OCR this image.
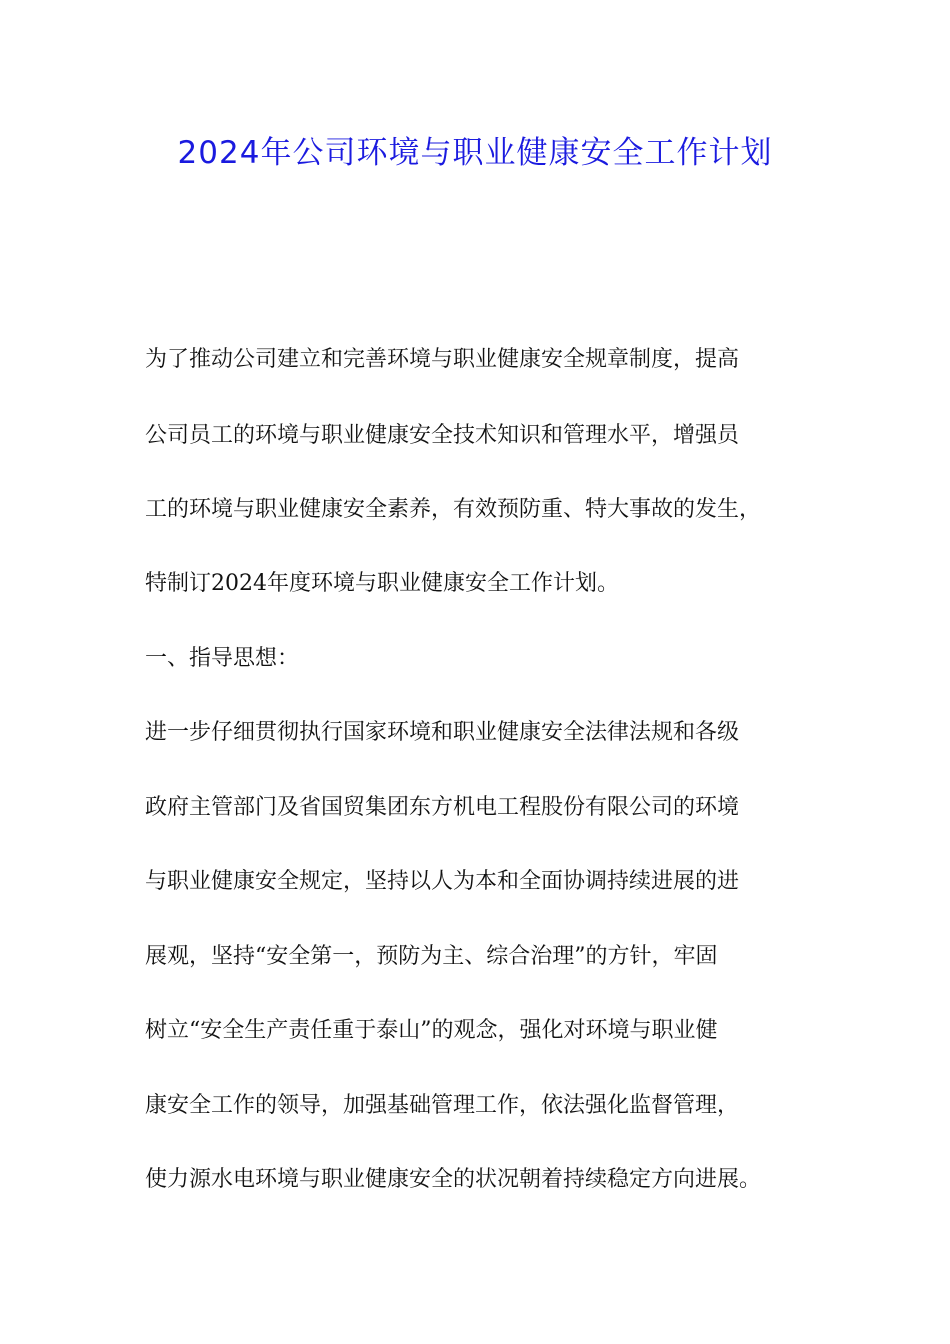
2024年公司环境与职业健康安全工作计划
为了推动公司建立和完善环境与职业健康安全规章制度，提高
公司员工的环境与职业健康安全技术知识和管理水平，增强员
工的环境与职业健康安全素养，有效预防重、特大事故的发生，
特制订2024年度环境与职业健康安全工作计划。
一、指导思想：
进一步仔细贯彻执行国家环境和职业健康安全法律法规和各级
政府主管部门及省国贸集团东方机电工程股份有限公司的环境
与职业健康安全规定，坚持以人为本和全面协调持续进展的进
展观，坚持“安全第一，预防为主、综合治理”的方针，牢固
树立“安全生产责任重于泰山”的观念，强化对环境与职业健
康安全工作的领导，加强基础管理工作，依法强化监督管理，
使力源水电环境与职业健康安全的状况朝着持续稳定方向进展。
